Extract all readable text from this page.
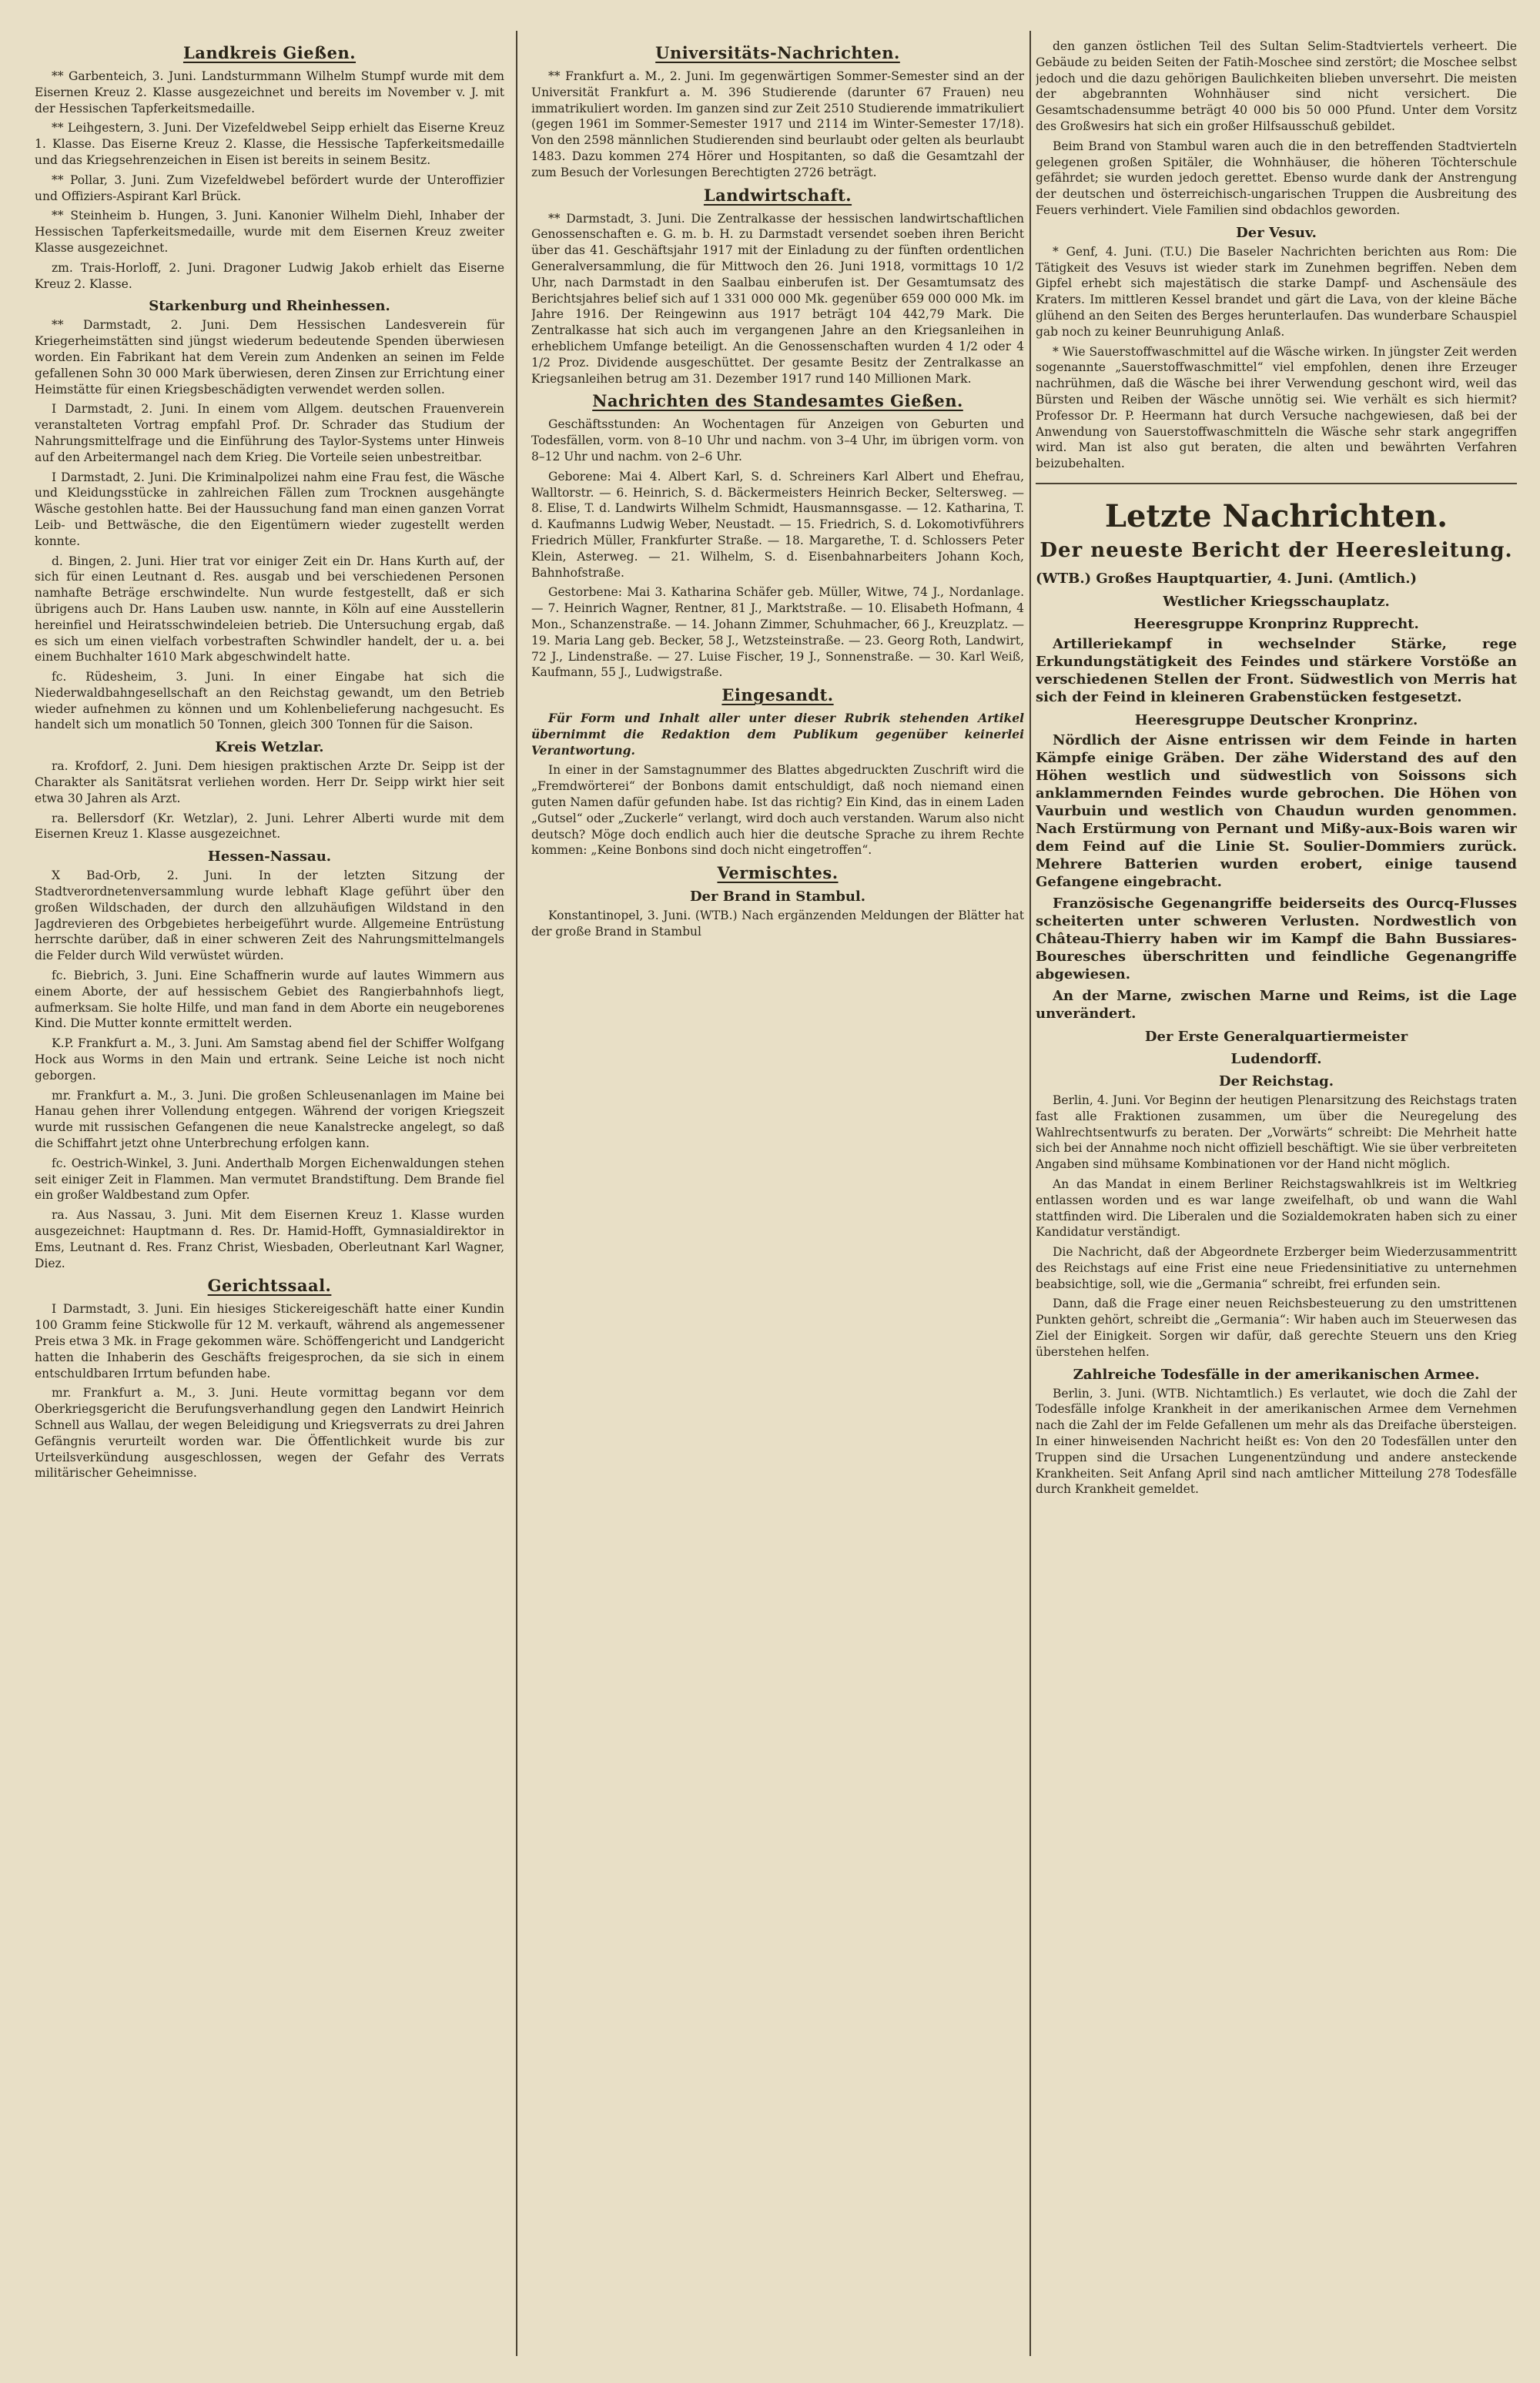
Landkreis Gießen.

** Garbenteich, 3. Juni. Landsturmmann Wilhelm Stumpf wurde mit dem Eisernen Kreuz 2. Klasse ausgezeichnet und bereits im November v. J. mit der Hessischen Tapferkeitsmedaille.

** Leihgestern, 3. Juni. Der Vizefeldwebel Seipp erhielt das Eiserne Kreuz 1. Klasse. Das Eiserne Kreuz 2. Klasse, die Hessische Tapferkeitsmedaille und das Kriegsehrenzeichen in Eisen ist bereits in seinem Besitz.

** Pollar, 3. Juni. Zum Vizefeldwebel befördert wurde der Unteroffizier und Offiziers-Aspirant Karl Brück.

** Steinheim b. Hungen, 3. Juni. Kanonier Wilhelm Diehl, Inhaber der Hessischen Tapferkeitsmedaille, wurde mit dem Eisernen Kreuz zweiter Klasse ausgezeichnet.

zm. Trais-Horloff, 2. Juni. Dragoner Ludwig Jakob erhielt das Eiserne Kreuz 2. Klasse.

Starkenburg und Rheinhessen.

** Darmstadt, 2. Juni. Dem Hessischen Landesverein für Kriegerheimstätten sind jüngst wiederum bedeutende Spenden überwiesen worden. Ein Fabrikant hat dem Verein zum Andenken an seinen im Felde gefallenen Sohn 30 000 Mark überwiesen, deren Zinsen zur Errichtung einer Heimstätte für einen Kriegsbeschädigten verwendet werden sollen.

I Darmstadt, 2. Juni. In einem vom Allgem. deutschen Frauenverein veranstalteten Vortrag empfahl Prof. Dr. Schrader das Studium der Nahrungsmittelfrage und die Einführung des Taylor-Systems unter Hinweis auf den Arbeitermangel nach dem Krieg. Die Vorteile seien unbestreitbar.

I Darmstadt, 2. Juni. Die Kriminalpolizei nahm eine Frau fest, die Wäsche und Kleidungsstücke in zahlreichen Fällen zum Trocknen ausgehängte Wäsche gestohlen hatte. Bei der Haussuchung fand man einen ganzen Vorrat Leib- und Bettwäsche, die den Eigentümern wieder zugestellt werden konnte.

d. Bingen, 2. Juni. Hier trat vor einiger Zeit ein Dr. Hans Kurth auf, der sich für einen Leutnant d. Res. ausgab und bei verschiedenen Personen namhafte Beträge erschwindelte. Nun wurde festgestellt, daß er sich übrigens auch Dr. Hans Lauben usw. nannte, in Köln auf eine Ausstellerin hereinfiel und Heiratsschwindeleien betrieb. Die Untersuchung ergab, daß es sich um einen vielfach vorbestraften Schwindler handelt, der u. a. bei einem Buchhalter 1610 Mark abgeschwindelt hatte.

fc. Rüdesheim, 3. Juni. In einer Eingabe hat sich die Niederwaldbahngesellschaft an den Reichstag gewandt, um den Betrieb wieder aufnehmen zu können und um Kohlenbelieferung nachgesucht. Es handelt sich um monatlich 50 Tonnen, gleich 300 Tonnen für die Saison.

Kreis Wetzlar.

ra. Krofdorf, 2. Juni. Dem hiesigen praktischen Arzte Dr. Seipp ist der Charakter als Sanitätsrat verliehen worden. Herr Dr. Seipp wirkt hier seit etwa 30 Jahren als Arzt.

ra. Bellersdorf (Kr. Wetzlar), 2. Juni. Lehrer Alberti wurde mit dem Eisernen Kreuz 1. Klasse ausgezeichnet.

Hessen-Nassau.

X Bad-Orb, 2. Juni. In der letzten Sitzung der Stadtverordnetenversammlung wurde lebhaft Klage geführt über den großen Wildschaden, der durch den allzuhäufigen Wildstand in den Jagdrevieren des Orbgebietes herbeigeführt wurde. Allgemeine Entrüstung herrschte darüber, daß in einer schweren Zeit des Nahrungsmittelmangels die Felder durch Wild verwüstet würden.

fc. Biebrich, 3. Juni. Eine Schaffnerin wurde auf lautes Wimmern aus einem Aborte, der auf hessischem Gebiet des Rangierbahnhofs liegt, aufmerksam. Sie holte Hilfe, und man fand in dem Aborte ein neugeborenes Kind. Die Mutter konnte ermittelt werden.

K.P. Frankfurt a. M., 3. Juni. Am Samstag abend fiel der Schiffer Wolfgang Hock aus Worms in den Main und ertrank. Seine Leiche ist noch nicht geborgen.

mr. Frankfurt a. M., 3. Juni. Die großen Schleusenanlagen im Maine bei Hanau gehen ihrer Vollendung entgegen. Während der vorigen Kriegszeit wurde mit russischen Gefangenen die neue Kanalstrecke angelegt, so daß die Schiffahrt jetzt ohne Unterbrechung erfolgen kann.

fc. Oestrich-Winkel, 3. Juni. Anderthalb Morgen Eichenwaldungen stehen seit einiger Zeit in Flammen. Man vermutet Brandstiftung. Dem Brande fiel ein großer Waldbestand zum Opfer.

ra. Aus Nassau, 3. Juni. Mit dem Eisernen Kreuz 1. Klasse wurden ausgezeichnet: Hauptmann d. Res. Dr. Hamid-Hofft, Gymnasialdirektor in Ems, Leutnant d. Res. Franz Christ, Wiesbaden, Oberleutnant Karl Wagner, Diez.

Gerichtssaal.

I Darmstadt, 3. Juni. Ein hiesiges Stickereigeschäft hatte einer Kundin 100 Gramm feine Stickwolle für 12 M. verkauft, während als angemessener Preis etwa 3 Mk. in Frage gekommen wäre. Schöffengericht und Landgericht hatten die Inhaberin des Geschäfts freigesprochen, da sie sich in einem entschuldbaren Irrtum befunden habe.

mr. Frankfurt a. M., 3. Juni. Heute vormittag begann vor dem Oberkriegsgericht die Berufungsverhandlung gegen den Landwirt Heinrich Schnell aus Wallau, der wegen Beleidigung und Kriegsverrats zu drei Jahren Gefängnis verurteilt worden war. Die Öffentlichkeit wurde bis zur Urteilsverkündung ausgeschlossen, wegen der Gefahr des Verrats militärischer Geheimnisse.

Universitäts-Nachrichten.

** Frankfurt a. M., 2. Juni. Im gegenwärtigen Sommer-Semester sind an der Universität Frankfurt a. M. 396 Studierende (darunter 67 Frauen) neu immatrikuliert worden. Im ganzen sind zur Zeit 2510 Studierende immatrikuliert (gegen 1961 im Sommer-Semester 1917 und 2114 im Winter-Semester 17/18). Von den 2598 männlichen Studierenden sind beurlaubt oder gelten als beurlaubt 1483. Dazu kommen 274 Hörer und Hospitanten, so daß die Gesamtzahl der zum Besuch der Vorlesungen Berechtigten 2726 beträgt.

Landwirtschaft.

** Darmstadt, 3. Juni. Die Zentralkasse der hessischen landwirtschaftlichen Genossenschaften e. G. m. b. H. zu Darmstadt versendet soeben ihren Bericht über das 41. Geschäftsjahr 1917 mit der Einladung zu der fünften ordentlichen Generalversammlung, die für Mittwoch den 26. Juni 1918, vormittags 10 1/2 Uhr, nach Darmstadt in den Saalbau einberufen ist. Der Gesamtumsatz des Berichtsjahres belief sich auf 1 331 000 000 Mk. gegenüber 659 000 000 Mk. im Jahre 1916. Der Reingewinn aus 1917 beträgt 104 442,79 Mark. Die Zentralkasse hat sich auch im vergangenen Jahre an den Kriegsanleihen in erheblichem Umfange beteiligt. An die Genossenschaften wurden 4 1/2 oder 4 1/2 Proz. Dividende ausgeschüttet. Der gesamte Besitz der Zentralkasse an Kriegsanleihen betrug am 31. Dezember 1917 rund 140 Millionen Mark.

Nachrichten des Standesamtes Gießen.

Geschäftsstunden: An Wochentagen für Anzeigen von Geburten und Todesfällen, vorm. von 8–10 Uhr und nachm. von 3–4 Uhr, im übrigen vorm. von 8–12 Uhr und nachm. von 2–6 Uhr.

Geborene: Mai 4. Albert Karl, S. d. Schreiners Karl Albert und Ehefrau, Walltorstr. — 6. Heinrich, S. d. Bäckermeisters Heinrich Becker, Seltersweg. — 8. Elise, T. d. Landwirts Wilhelm Schmidt, Hausmannsgasse. — 12. Katharina, T. d. Kaufmanns Ludwig Weber, Neustadt. — 15. Friedrich, S. d. Lokomotivführers Friedrich Müller, Frankfurter Straße. — 18. Margarethe, T. d. Schlossers Peter Klein, Asterweg. — 21. Wilhelm, S. d. Eisenbahnarbeiters Johann Koch, Bahnhofstraße.

Gestorbene: Mai 3. Katharina Schäfer geb. Müller, Witwe, 74 J., Nordanlage. — 7. Heinrich Wagner, Rentner, 81 J., Marktstraße. — 10. Elisabeth Hofmann, 4 Mon., Schanzenstraße. — 14. Johann Zimmer, Schuhmacher, 66 J., Kreuzplatz. — 19. Maria Lang geb. Becker, 58 J., Wetzsteinstraße. — 23. Georg Roth, Landwirt, 72 J., Lindenstraße. — 27. Luise Fischer, 19 J., Sonnenstraße. — 30. Karl Weiß, Kaufmann, 55 J., Ludwigstraße.

Eingesandt.

Für Form und Inhalt aller unter dieser Rubrik stehenden Artikel übernimmt die Redaktion dem Publikum gegenüber keinerlei Verantwortung.

In einer in der Samstagnummer des Blattes abgedruckten Zuschrift wird die „Fremdwörterei“ der Bonbons damit entschuldigt, daß noch niemand einen guten Namen dafür gefunden habe. Ist das richtig? Ein Kind, das in einem Laden „Gutsel“ oder „Zuckerle“ verlangt, wird doch auch verstanden. Warum also nicht deutsch? Möge doch endlich auch hier die deutsche Sprache zu ihrem Rechte kommen: „Keine Bonbons sind doch nicht eingetroffen“.

Vermischtes.
Der Brand in Stambul.

Konstantinopel, 3. Juni. (WTB.) Nach ergänzenden Meldungen der Blätter hat der große Brand in Stambul

den ganzen östlichen Teil des Sultan Selim-Stadtviertels verheert. Die Gebäude zu beiden Seiten der Fatih-Moschee sind zerstört; die Moschee selbst jedoch und die dazu gehörigen Baulichkeiten blieben unversehrt. Die meisten der abgebrannten Wohnhäuser sind nicht versichert. Die Gesamtschadensumme beträgt 40 000 bis 50 000 Pfund. Unter dem Vorsitz des Großwesirs hat sich ein großer Hilfsausschuß gebildet.

Beim Brand von Stambul waren auch die in den betreffenden Stadtvierteln gelegenen großen Spitäler, die Wohnhäuser, die höheren Töchterschule gefährdet; sie wurden jedoch gerettet. Ebenso wurde dank der Anstrengung der deutschen und österreichisch-ungarischen Truppen die Ausbreitung des Feuers verhindert. Viele Familien sind obdachlos geworden.

Der Vesuv.

* Genf, 4. Juni. (T.U.) Die Baseler Nachrichten berichten aus Rom: Die Tätigkeit des Vesuvs ist wieder stark im Zunehmen begriffen. Neben dem Gipfel erhebt sich majestätisch die starke Dampf- und Aschensäule des Kraters. Im mittleren Kessel brandet und gärt die Lava, von der kleine Bäche glühend an den Seiten des Berges herunterlaufen. Das wunderbare Schauspiel gab noch zu keiner Beunruhigung Anlaß.

* Wie Sauerstoffwaschmittel auf die Wäsche wirken. In jüngster Zeit werden sogenannte „Sauerstoffwaschmittel“ viel empfohlen, denen ihre Erzeuger nachrühmen, daß die Wäsche bei ihrer Verwendung geschont wird, weil das Bürsten und Reiben der Wäsche unnötig sei. Wie verhält es sich hiermit? Professor Dr. P. Heermann hat durch Versuche nachgewiesen, daß bei der Anwendung von Sauerstoffwaschmitteln die Wäsche sehr stark angegriffen wird. Man ist also gut beraten, die alten und bewährten Verfahren beizubehalten.

Letzte Nachrichten.
Der neueste Bericht der Heeresleitung.

(WTB.) Großes Hauptquartier, 4. Juni. (Amtlich.)

Westlicher Kriegsschauplatz.
Heeresgruppe Kronprinz Rupprecht.

Artilleriekampf in wechselnder Stärke, rege Erkundungstätigkeit des Feindes und stärkere Vorstöße an verschiedenen Stellen der Front. Südwestlich von Merris hat sich der Feind in kleineren Grabenstücken festgesetzt.

Heeresgruppe Deutscher Kronprinz.

Nördlich der Aisne entrissen wir dem Feinde in harten Kämpfe einige Gräben. Der zähe Widerstand des auf den Höhen westlich und südwestlich von Soissons sich anklammernden Feindes wurde gebrochen. Die Höhen von Vaurbuin und westlich von Chaudun wurden genommen. Nach Erstürmung von Pernant und Mißy-aux-Bois waren wir dem Feind auf die Linie St. Soulier-Dommiers zurück. Mehrere Batterien wurden erobert, einige tausend Gefangene eingebracht.

Französische Gegenangriffe beiderseits des Ourcq-Flusses scheiterten unter schweren Verlusten. Nordwestlich von Château-Thierry haben wir im Kampf die Bahn Bussiares-Bouresches überschritten und feindliche Gegenangriffe abgewiesen.

An der Marne, zwischen Marne und Reims, ist die Lage unverändert.

Der Erste Generalquartiermeister
Ludendorff.
Der Reichstag.

Berlin, 4. Juni. Vor Beginn der heutigen Plenarsitzung des Reichstags traten fast alle Fraktionen zusammen, um über die Neuregelung des Wahlrechtsentwurfs zu beraten. Der „Vorwärts“ schreibt: Die Mehrheit hatte sich bei der Annahme noch nicht offiziell beschäftigt. Wie sie über verbreiteten Angaben sind mühsame Kombinationen vor der Hand nicht möglich.

An das Mandat in einem Berliner Reichstagswahlkreis ist im Weltkrieg entlassen worden und es war lange zweifelhaft, ob und wann die Wahl stattfinden wird. Die Liberalen und die Sozialdemokraten haben sich zu einer Kandidatur verständigt.

Die Nachricht, daß der Abgeordnete Erzberger beim Wiederzusammentritt des Reichstags auf eine Frist eine neue Friedensinitiative zu unternehmen beabsichtige, soll, wie die „Germania“ schreibt, frei erfunden sein.

Dann, daß die Frage einer neuen Reichsbesteuerung zu den umstrittenen Punkten gehört, schreibt die „Germania“: Wir haben auch im Steuerwesen das Ziel der Einigkeit. Sorgen wir dafür, daß gerechte Steuern uns den Krieg überstehen helfen.

Zahlreiche Todesfälle in der amerikanischen Armee.

Berlin, 3. Juni. (WTB. Nichtamtlich.) Es verlautet, wie doch die Zahl der Todesfälle infolge Krankheit in der amerikanischen Armee dem Vernehmen nach die Zahl der im Felde Gefallenen um mehr als das Dreifache übersteigen. In einer hinweisenden Nachricht heißt es: Von den 20 Todesfällen unter den Truppen sind die Ursachen Lungenentzündung und andere ansteckende Krankheiten. Seit Anfang April sind nach amtlicher Mitteilung 278 Todesfälle durch Krankheit gemeldet.
